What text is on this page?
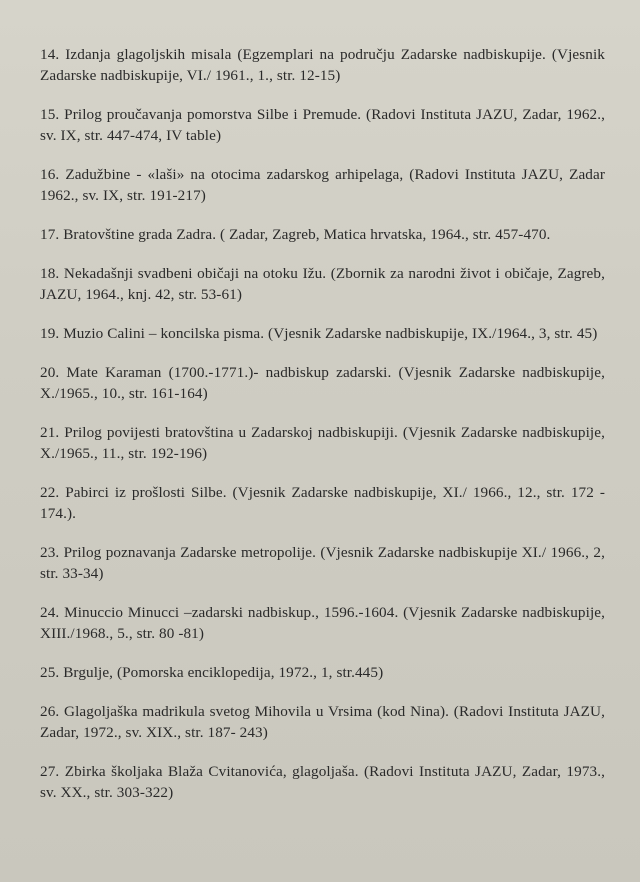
14. Izdanja glagoljskih misala (Egzemplari na području Zadarske nadbiskupije. (Vjesnik Zadarske nadbiskupije, VI./ 1961., 1., str. 12-15)
15. Prilog proučavanja pomorstva Silbe i Premude. (Radovi Instituta JAZU, Zadar, 1962., sv. IX, str. 447-474, IV table)
16. Zadužbine - «laši» na otocima zadarskog arhipelaga, (Radovi Instituta JAZU, Zadar 1962., sv. IX, str. 191-217)
17. Bratovštine grada Zadra. ( Zadar, Zagreb, Matica hrvatska, 1964., str. 457-470.
18. Nekadašnji svadbeni običaji na otoku Ižu. (Zbornik za narodni život i običaje, Zagreb, JAZU, 1964., knj. 42, str. 53-61)
19. Muzio Calini – koncilska pisma. (Vjesnik Zadarske nadbiskupije, IX./1964., 3, str. 45)
20. Mate Karaman (1700.-1771.)- nadbiskup zadarski. (Vjesnik Zadarske nadbiskupije, X./1965., 10., str. 161-164)
21. Prilog povijesti bratovština u Zadarskoj nadbiskupiji. (Vjesnik Zadarske nadbiskupije, X./1965., 11., str. 192-196)
22. Pabirci iz prošlosti Silbe. (Vjesnik Zadarske nadbiskupije, XI./ 1966., 12., str. 172 - 174.).
23. Prilog poznavanja Zadarske metropolije. (Vjesnik Zadarske nadbiskupije XI./ 1966., 2, str. 33-34)
24. Minuccio Minucci –zadarski nadbiskup., 1596.-1604. (Vjesnik Zadarske nadbiskupije, XIII./1968., 5., str. 80 -81)
25. Brgulje, (Pomorska enciklopedija, 1972., 1, str.445)
26. Glagoljaška madrikula svetog Mihovila u Vrsima (kod Nina). (Radovi Instituta JAZU, Zadar, 1972., sv. XIX., str. 187- 243)
27. Zbirka školjaka Blaža Cvitanovića, glagoljaša. (Radovi Instituta JAZU, Zadar, 1973., sv. XX., str. 303-322)
